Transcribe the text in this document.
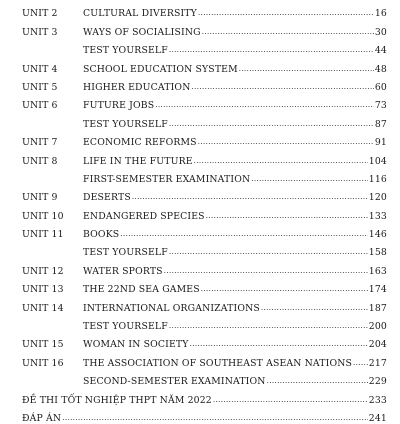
UNIT 2	CULTURAL DIVERSITY .....	16
UNIT 3	WAYS OF SOCIALISING .....	30
TEST YOURSELF .....	44
UNIT 4	SCHOOL EDUCATION SYSTEM .....	48
UNIT 5	HIGHER EDUCATION .....	60
UNIT 6	FUTURE JOBS .....	73
TEST YOURSELF .....	87
UNIT 7	ECONOMIC REFORMS .....	91
UNIT 8	LIFE IN THE FUTURE .....	104
FIRST-SEMESTER EXAMINATION .....	116
UNIT 9	DESERTS .....	120
UNIT 10	ENDANGERED SPECIES .....	133
UNIT 11	BOOKS .....	146
TEST YOURSELF .....	158
UNIT 12	WATER SPORTS .....	163
UNIT 13	THE 22ND SEA GAMES .....	174
UNIT 14	INTERNATIONAL ORGANIZATIONS .....	187
TEST YOURSELF .....	200
UNIT 15	WOMAN IN SOCIETY .....	204
UNIT 16	THE ASSOCIATION OF SOUTHEAST ASEAN NATIONS ..... 217
SECOND-SEMESTER EXAMINATION .....	229
ĐỀ THI TỐT NGHIỆP THPT NĂM 2022 .....	233
ĐÁP ÁN .....	241
